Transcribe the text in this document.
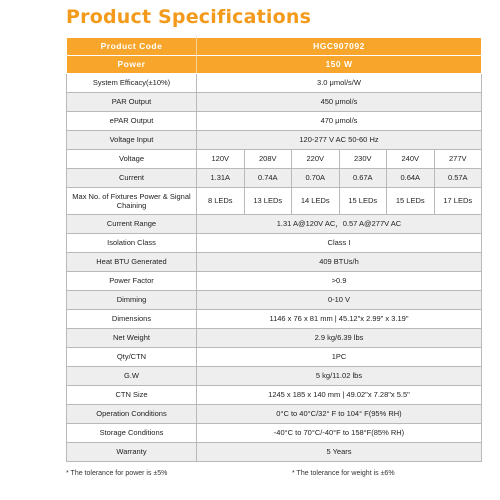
Product Specifications
Product Code	HGC907092					
Power	150 W					
System Efficacy(±10%)	3.0 μmol/s/W					
PAR Output	450 μmol/s					
ePAR Output	470 μmol/s					
Voltage Input	120-277 V AC 50-60 Hz					
Voltage	120V	208V	220V	230V	240V	277V
Current	1.31A	0.74A	0.70A	0.67A	0.64A	0.57A
Max No. of Fixtures Power & Signal Chaining	8 LEDs	13 LEDs	14 LEDs	15 LEDs	15 LEDs	17 LEDs
Current Range	1.31 A@120V AC，0.57 A@277V AC					
Isolation Class	Class I					
Heat BTU Generated	409 BTUs/h					
Power Factor	>0.9					
Dimming	0-10 V					
Dimensions	1146 x 76 x 81 mm | 45.12"x 2.99" x 3.19"					
Net Weight	2.9 kg/6.39 lbs					
Qty/CTN	1PC					
G.W	5 kg/11.02 lbs					
CTN Size	1245 x 185 x 140 mm | 49.02"x 7.28"x 5.5"					
Operation Conditions	0°C to 40°C/32° F to 104° F(95% RH)					
Storage Conditions	-40°C to 70°C/-40°F to 158°F(85% RH)					
Warranty	5 Years					
* The tolerance for power is ±5%	* The tolerance for weight is ±6%
